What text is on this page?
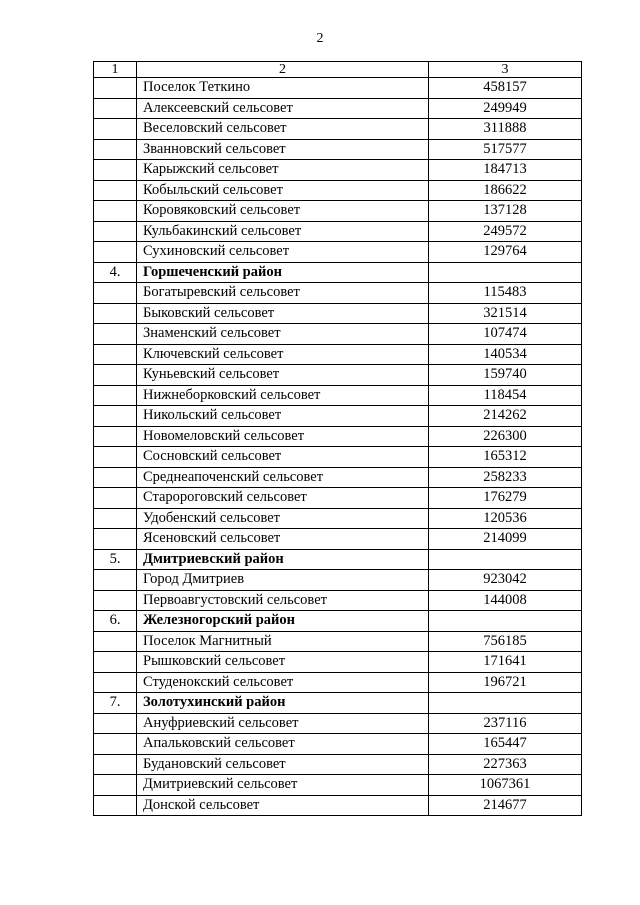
2
1	2	3
	Поселок Теткино	458157
	Алексеевский сельсовет	249949
	Веселовский сельсовет	311888
	Званновский сельсовет	517577
	Карыжский сельсовет	184713
	Кобыльский сельсовет	186622
	Коровяковский сельсовет	137128
	Кульбакинский сельсовет	249572
	Сухиновский сельсовет	129764
4.	Горшеченский район	
	Богатыревский сельсовет	115483
	Быковский сельсовет	321514
	Знаменский сельсовет	107474
	Ключевский сельсовет	140534
	Куньевский сельсовет	159740
	Нижнеборковский сельсовет	118454
	Никольский сельсовет	214262
	Новомеловский сельсовет	226300
	Сосновский сельсовет	165312
	Среднеапоченский сельсовет	258233
	Старороговский сельсовет	176279
	Удобенский сельсовет	120536
	Ясеновский сельсовет	214099
5.	Дмитриевский район	
	Город Дмитриев	923042
	Первоавгустовский сельсовет	144008
6.	Железногорский район	
	Поселок Магнитный	756185
	Рышковский сельсовет	171641
	Студенокский сельсовет	196721
7.	Золотухинский район	
	Ануфриевский сельсовет	237116
	Апальковский сельсовет	165447
	Будановский сельсовет	227363
	Дмитриевский сельсовет	1067361
	Донской сельсовет	214677
